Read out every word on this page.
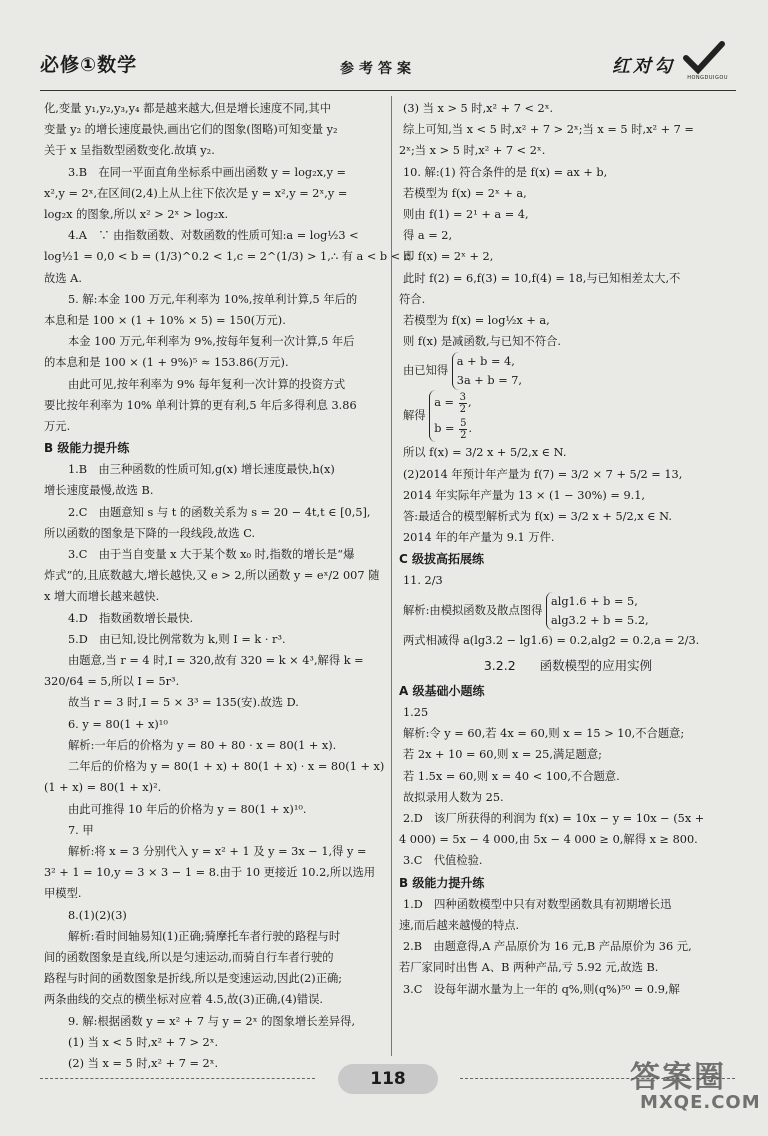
必修①数学	参考答案	红对勾
HONGDUIGOU

化,变量 y₁,y₂,y₃,y₄ 都是越来越大,但是增长速度不同,其中

变量 y₂ 的增长速度最快,画出它们的图象(图略)可知变量 y₂

关于 x 呈指数型函数变化.故填 y₂.

3.B　在同一平面直角坐标系中画出函数 y = log₂x,y =

x²,y = 2ˣ,在区间(2,4)上从上往下依次是 y = x²,y = 2ˣ,y =

log₂x 的图象,所以 x² > 2ˣ > log₂x.

4.A　∵ 由指数函数、对数函数的性质可知:a = log½3 <

log½1 = 0,0 < b = (1/3)^0.2 < 1,c = 2^(1/3) > 1,∴ 有 a < b < c.

故选 A.

5. 解:本金 100 万元,年利率为 10%,按单利计算,5 年后的

本息和是 100 × (1 + 10% × 5) = 150(万元).

本金 100 万元,年利率为 9%,按每年复利一次计算,5 年后

的本息和是 100 × (1 + 9%)⁵ ≈ 153.86(万元).

由此可见,按年利率为 9% 每年复利一次计算的投资方式

要比按年利率为 10% 单利计算的更有利,5 年后多得利息 3.86

万元.

B 级能力提升练

1.B　由三种函数的性质可知,g(x) 增长速度最快,h(x)

增长速度最慢,故选 B.

2.C　由题意知 s 与 t 的函数关系为 s = 20 − 4t,t ∈ [0,5],

所以函数的图象是下降的一段线段,故选 C.

3.C　由于当自变量 x 大于某个数 x₀ 时,指数的增长是“爆

炸式”的,且底数越大,增长越快,又 e > 2,所以函数 y = eˣ/2 007 随

x 增大而增长越来越快.

4.D　指数函数增长最快.

5.D　由已知,设比例常数为 k,则 I = k · r³.

由题意,当 r = 4 时,I = 320,故有 320 = k × 4³,解得 k =

320/64 = 5,所以 I = 5r³.

故当 r = 3 时,I = 5 × 3³ = 135(安).故选 D.

6. y = 80(1 + x)¹⁰

解析:一年后的价格为 y = 80 + 80 · x = 80(1 + x).

二年后的价格为 y = 80(1 + x) + 80(1 + x) · x = 80(1 + x)

(1 + x) = 80(1 + x)².

由此可推得 10 年后的价格为 y = 80(1 + x)¹⁰.

7. 甲

解析:将 x = 3 分别代入 y = x² + 1 及 y = 3x − 1,得 y =

3² + 1 = 10,y = 3 × 3 − 1 = 8.由于 10 更接近 10.2,所以选用

甲模型.

8.(1)(2)(3)

解析:看时间轴易知(1)正确;骑摩托车者行驶的路程与时

间的函数图象是直线,所以是匀速运动,而骑自行车者行驶的

路程与时间的函数图象是折线,所以是变速运动,因此(2)正确;

两条曲线的交点的横坐标对应着 4.5,故(3)正确,(4)错误.

9. 解:根据函数 y = x² + 7 与 y = 2ˣ 的图象增长差异得,

(1) 当 x < 5 时,x² + 7 > 2ˣ.

(2) 当 x = 5 时,x² + 7 = 2ˣ.

(3) 当 x > 5 时,x² + 7 < 2ˣ.

综上可知,当 x < 5 时,x² + 7 > 2ˣ;当 x = 5 时,x² + 7 =

2ˣ;当 x > 5 时,x² + 7 < 2ˣ.

10. 解:(1) 符合条件的是 f(x) = ax + b,

若模型为 f(x) = 2ˣ + a,

则由 f(1) = 2¹ + a = 4,

得 a = 2,

即 f(x) = 2ˣ + 2,

此时 f(2) = 6,f(3) = 10,f(4) = 18,与已知相差太大,不

符合.

若模型为 f(x) = log½x + a,

则 f(x) 是减函数,与已知不符合.

由已知得 a + b = 4,
3a + b = 7,

解得 $a = \frac{3}{2}$ ,
$b = \frac{5}{2}$ .

所以 f(x) = 3/2 x + 5/2,x ∈ N.

(2)2014 年预计年产量为 f(7) = 3/2 × 7 + 5/2 = 13,

2014 年实际年产量为 13 × (1 − 30%) = 9.1,

答:最适合的模型解析式为 f(x) = 3/2 x + 5/2,x ∈ N.

2014 年的年产量为 9.1 万件.

C 级拔高拓展练

11. 2/3

解析:由模拟函数及散点图得 alg1.6 + b = 5,
alg3.2 + b = 5.2,

两式相减得 a(lg3.2 − lg1.6) = 0.2,alg2 = 0.2,a = 2/3.

3.2.2 函数模型的应用实例
A 级基础小题练

1.25

解析:令 y = 60,若 4x = 60,则 x = 15 > 10,不合题意;

若 2x + 10 = 60,则 x = 25,满足题意;

若 1.5x = 60,则 x = 40 < 100,不合题意.

故拟录用人数为 25.

2.D　该厂所获得的利润为 f(x) = 10x − y = 10x − (5x +

4 000) = 5x − 4 000,由 5x − 4 000 ≥ 0,解得 x ≥ 800.

3.C　代值检验.

B 级能力提升练

1.D　四种函数模型中只有对数型函数具有初期增长迅

速,而后越来越慢的特点.

2.B　由题意得,A 产品原价为 16 元,B 产品原价为 36 元,

若厂家同时出售 A、B 两种产品,亏 5.92 元,故选 B.

3.C　设每年湖水量为上一年的 q%,则(q%)⁵⁰ = 0.9,解

118	答案圈
MXQE.COM
